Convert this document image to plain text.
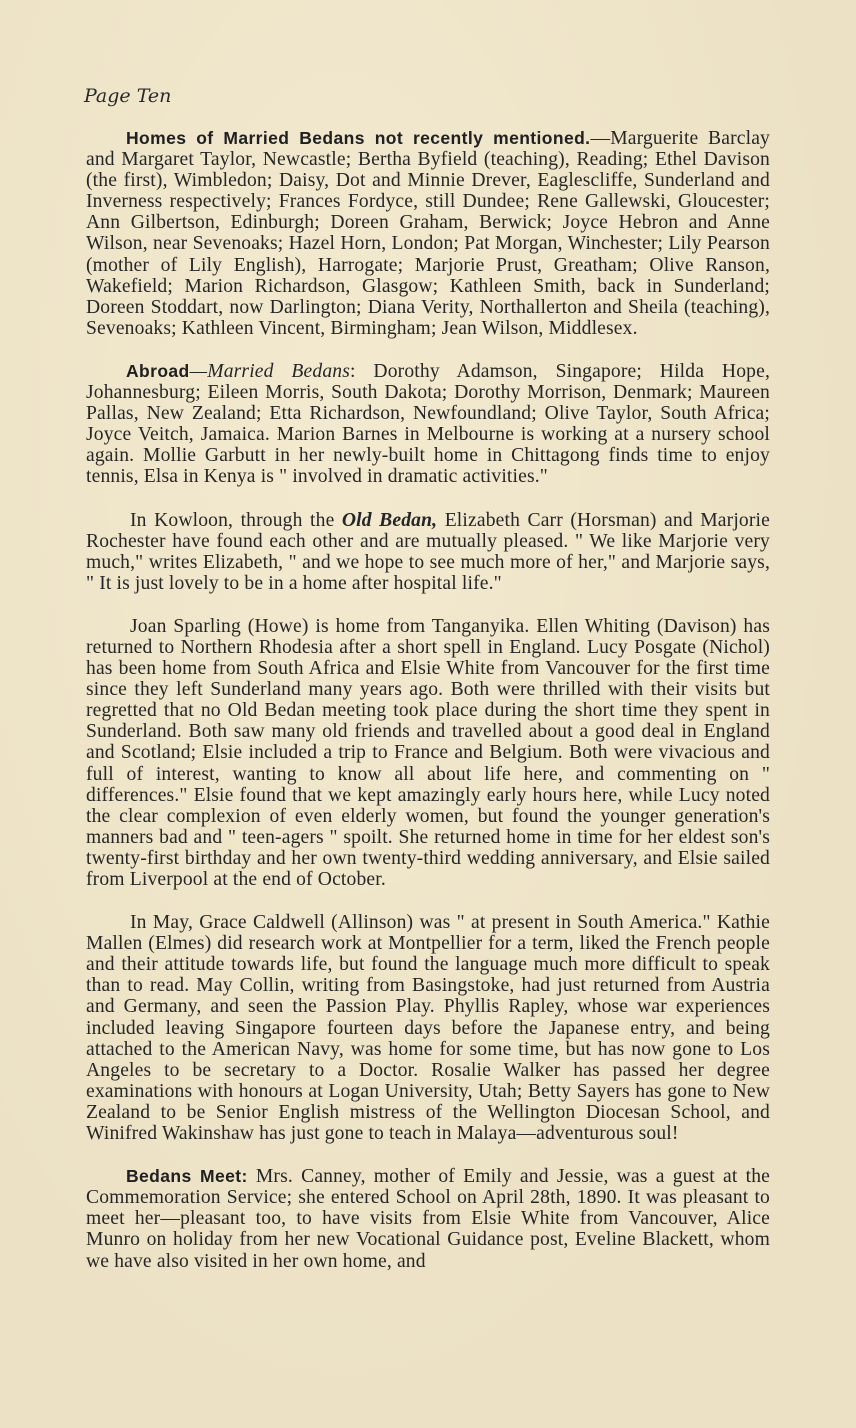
Page Ten

Homes of Married Bedans not recently mentioned.—Marguerite Barclay and Margaret Taylor, Newcastle; Bertha Byfield (teaching), Reading; Ethel Davison (the first), Wimbledon; Daisy, Dot and Minnie Drever, Eaglescliffe, Sunderland and Inverness respectively; Frances Fordyce, still Dundee; Rene Gallewski, Gloucester; Ann Gilbertson, Edinburgh; Doreen Graham, Berwick; Joyce Hebron and Anne Wilson, near Sevenoaks; Hazel Horn, London; Pat Morgan, Winchester; Lily Pearson (mother of Lily English), Harrogate; Marjorie Prust, Greatham; Olive Ranson, Wakefield; Marion Richardson, Glasgow; Kathleen Smith, back in Sunderland; Doreen Stoddart, now Darlington; Diana Verity, Northallerton and Sheila (teaching), Sevenoaks; Kathleen Vincent, Birmingham; Jean Wilson, Middlesex.

Abroad—Married Bedans: Dorothy Adamson, Singapore; Hilda Hope, Johannesburg; Eileen Morris, South Dakota; Dorothy Morrison, Denmark; Maureen Pallas, New Zealand; Etta Richardson, Newfoundland; Olive Taylor, South Africa; Joyce Veitch, Jamaica. Marion Barnes in Melbourne is working at a nursery school again. Mollie Garbutt in her newly-built home in Chittagong finds time to enjoy tennis, Elsa in Kenya is " involved in dramatic activities."

In Kowloon, through the Old Bedan, Elizabeth Carr (Horsman) and Marjorie Rochester have found each other and are mutually pleased. " We like Marjorie very much," writes Elizabeth, " and we hope to see much more of her," and Marjorie says, " It is just lovely to be in a home after hospital life."

Joan Sparling (Howe) is home from Tanganyika. Ellen Whiting (Davison) has returned to Northern Rhodesia after a short spell in England. Lucy Posgate (Nichol) has been home from South Africa and Elsie White from Vancouver for the first time since they left Sunderland many years ago. Both were thrilled with their visits but regretted that no Old Bedan meeting took place during the short time they spent in Sunderland. Both saw many old friends and travelled about a good deal in England and Scotland; Elsie included a trip to France and Belgium. Both were vivacious and full of interest, wanting to know all about life here, and commenting on " differences." Elsie found that we kept amazingly early hours here, while Lucy noted the clear complexion of even elderly women, but found the younger generation's manners bad and " teen-agers " spoilt. She returned home in time for her eldest son's twenty-first birthday and her own twenty-third wedding anniversary, and Elsie sailed from Liverpool at the end of October.

In May, Grace Caldwell (Allinson) was " at present in South America." Kathie Mallen (Elmes) did research work at Montpellier for a term, liked the French people and their attitude towards life, but found the language much more difficult to speak than to read. May Collin, writing from Basingstoke, had just returned from Austria and Germany, and seen the Passion Play. Phyllis Rapley, whose war experiences included leaving Singapore fourteen days before the Japanese entry, and being attached to the American Navy, was home for some time, but has now gone to Los Angeles to be secretary to a Doctor. Rosalie Walker has passed her degree examinations with honours at Logan University, Utah; Betty Sayers has gone to New Zealand to be Senior English mistress of the Wellington Diocesan School, and Winifred Wakinshaw has just gone to teach in Malaya—adventurous soul!

Bedans Meet: Mrs. Canney, mother of Emily and Jessie, was a guest at the Commemoration Service; she entered School on April 28th, 1890. It was pleasant to meet her—pleasant too, to have visits from Elsie White from Vancouver, Alice Munro on holiday from her new Vocational Guidance post, Eveline Blackett, whom we have also visited in her own home, and
